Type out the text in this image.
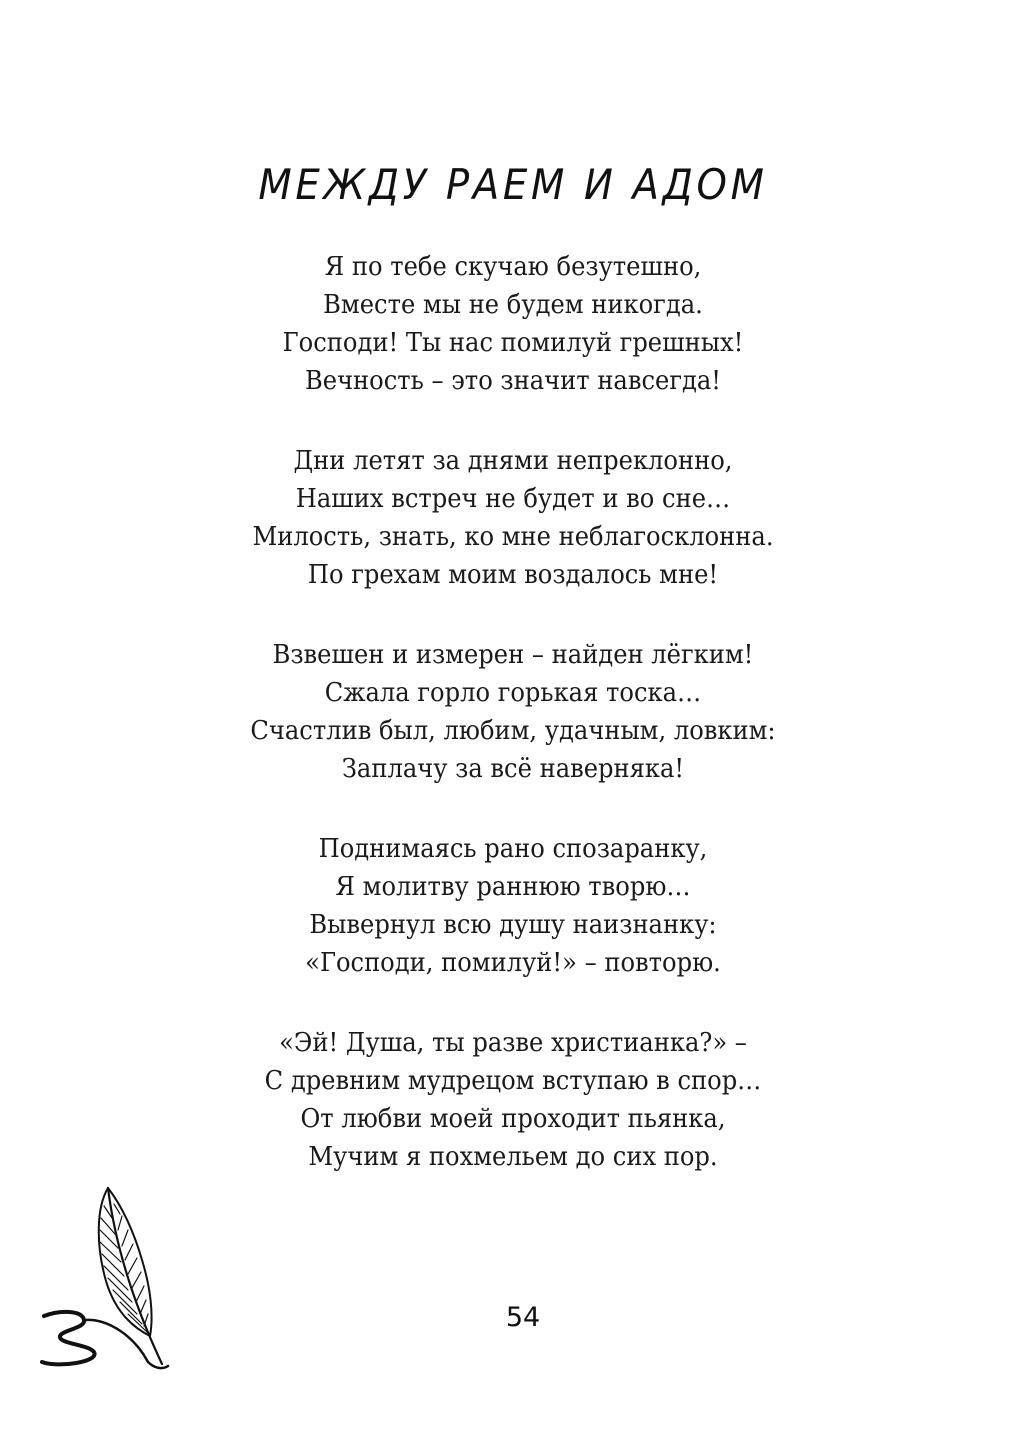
МЕЖДУ РАЕМ И АДОМ
Я по тебе скучаю безутешно,
Вместе мы не будем никогда.
Господи! Ты нас помилуй грешных!
Вечность – это значит навсегда!
Дни летят за днями непреклонно,
Наших встреч не будет и во сне…
Милость, знать, ко мне неблагосклонна.
По грехам моим воздалось мне!
Взвешен и измерен – найден лёгким!
Сжала горло горькая тоска…
Счастлив был, любим, удачным, ловким:
Заплачу за всё наверняка!
Поднимаясь рано спозаранку,
Я молитву раннюю творю…
Вывернул всю душу наизнанку:
«Господи, помилуй!» – повторю.
«Эй! Душа, ты разве христианка?» –
С древним мудрецом вступаю в спор…
От любви моей проходит пьянка,
Мучим я похмельем до сих пор.
54
